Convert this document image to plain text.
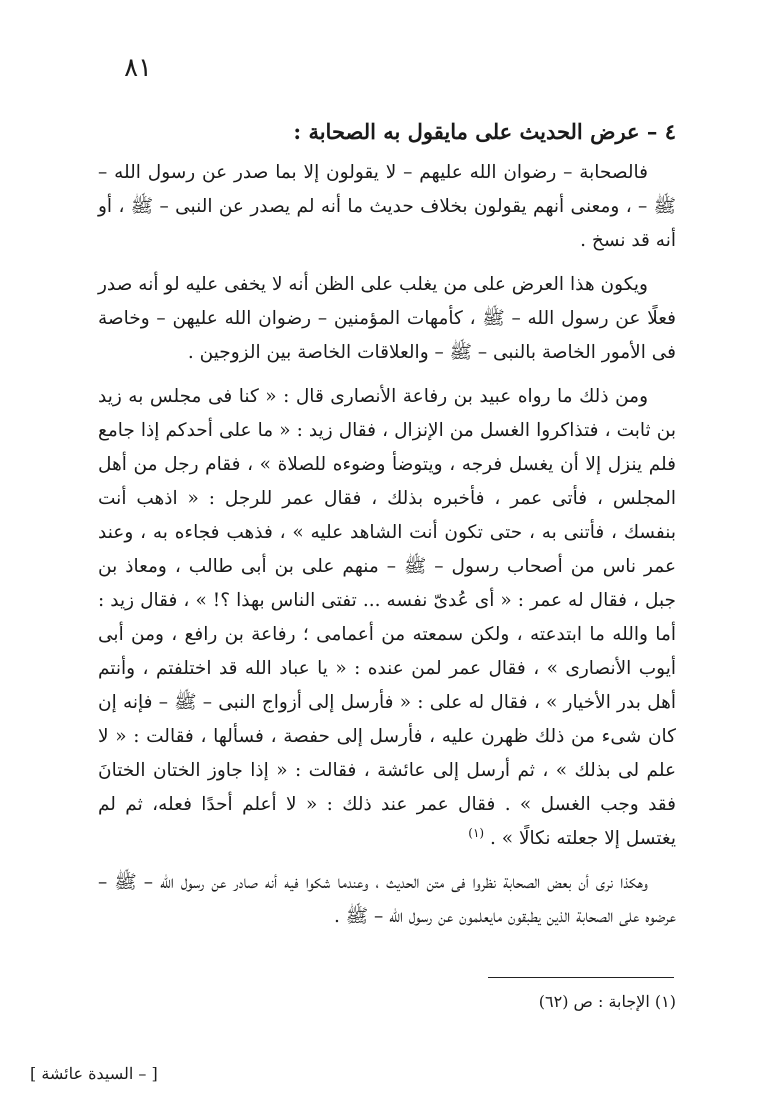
٨١
٤ – عرض الحديث على مايقول به الصحابة :

فالصحابة – رضوان الله عليهم – لا يقولون إلا بما صدر عن رسول الله – ﷺ – ، ومعنى أنهم يقولون بخلاف حديث ما أنه لم يصدر عن النبى – ﷺ ، أو أنه قد نسخ .

ويكون هذا العرض على من يغلب على الظن أنه لا يخفى عليه لو أنه صدر فعلًا عن رسول الله – ﷺ ، كأمهات المؤمنين – رضوان الله عليهن – وخاصة فى الأمور الخاصة بالنبى – ﷺ – والعلاقات الخاصة بين الزوجين .

ومن ذلك ما رواه عبيد بن رفاعة الأنصارى قال : « كنا فى مجلس به زيد بن ثابت ، فتذاكروا الغسل من الإنزال ، فقال زيد : « ما على أحدكم إذا جامع فلم ينزل إلا أن يغسل فرجه ، ويتوضأ وضوءه للصلاة » ، فقام رجل من أهل المجلس ، فأتى عمر ، فأخبره بذلك ، فقال عمر للرجل : « اذهب أنت بنفسك ، فأتنى به ، حتى تكون أنت الشاهد عليه » ، فذهب فجاءه به ، وعند عمر ناس من أصحاب رسول – ﷺ – منهم على بن أبى طالب ، ومعاذ بن جبل ، فقال له عمر : « أى عُدىّ نفسه ... تفتى الناس بهذا ؟! » ، فقال زيد : أما والله ما ابتدعته ، ولكن سمعته من أعمامى ؛ رفاعة بن رافع ، ومن أبى أيوب الأنصارى » ، فقال عمر لمن عنده : « يا عباد الله قد اختلفتم ، وأنتم أهل بدر الأخيار » ، فقال له على : « فأرسل إلى أزواج النبى – ﷺ – فإنه إن كان شىء من ذلك ظهرن عليه ، فأرسل إلى حفصة ، فسألها ، فقالت : « لا علم لى بذلك » ، ثم أرسل إلى عائشة ، فقالت : « إذا جاوز الختان الختانَ فقد وجب الغسل » . فقال عمر عند ذلك : « لا أعلم أحدًا فعله، ثم لم يغتسل إلا جعلته نكالًا » . $^{(١)}$

وهكذا نرى أن بعض الصحابة نظروا فى متن الحديث ، وعندما شكوا فيه أنه صادر عن رسول الله – ﷺ – عرضوه على الصحابة الذين يطبقون مايعلمون عن رسول الله – ﷺ .

(١) الإجابة : ص (٦٢)
[ – السيدة عائشة ]
